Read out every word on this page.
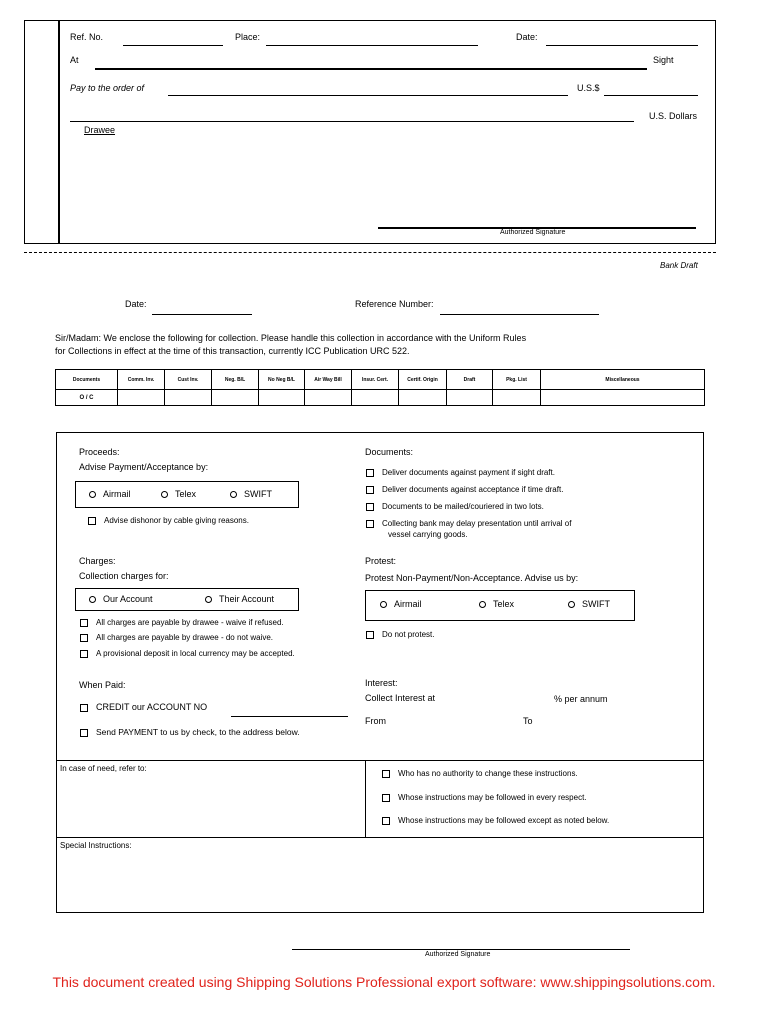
Ref. No.	Place:	Date:
At	Sight
Pay to the order of	U.S.$
U.S. Dollars
Drawee
Authorized Signature
Bank Draft
Date:	Reference Number:
Sir/Madam: We enclose the following for collection. Please handle this collection in accordance with the Uniform Rules
for Collections in effect at the time of this transaction, currently ICC Publication URC 522.
Documents	Comm. Inv.	Cust Inv.	Neg. B/L	No Neg B/L	Air Way Bill	Insur. Cert.	Certif. Origin	Draft	Pkg. List	Miscellaneous
O / C										
Proceeds:
Advise Payment/Acceptance by:
Airmail	Telex	SWIFT
Advise dishonor by cable giving reasons.
Charges:
Collection charges for:
Our Account	Their Account
All charges are payable by drawee - waive if refused.
All charges are payable by drawee - do not waive.
A provisional deposit in local currency may be accepted.
When Paid:
CREDIT our ACCOUNT NO
Send PAYMENT to us by check, to the address below.
Documents:
Deliver documents against payment if sight draft.
Deliver documents against acceptance if time draft.
Documents to be mailed/couriered in two lots.
Collecting bank may delay presentation until arrival of
vessel carrying goods.
Protest:
Protest Non-Payment/Non-Acceptance. Advise us by:
Airmail	Telex	SWIFT
Do not protest.
Interest:
Collect Interest at	% per annum
From	To
In case of need, refer to:
Who has no authority to change these instructions.
Whose instructions may be followed in every respect.
Whose instructions may be followed except as noted below.
Special Instructions:
Authorized Signature
This document created using Shipping Solutions Professional export software: www.shippingsolutions.com.
